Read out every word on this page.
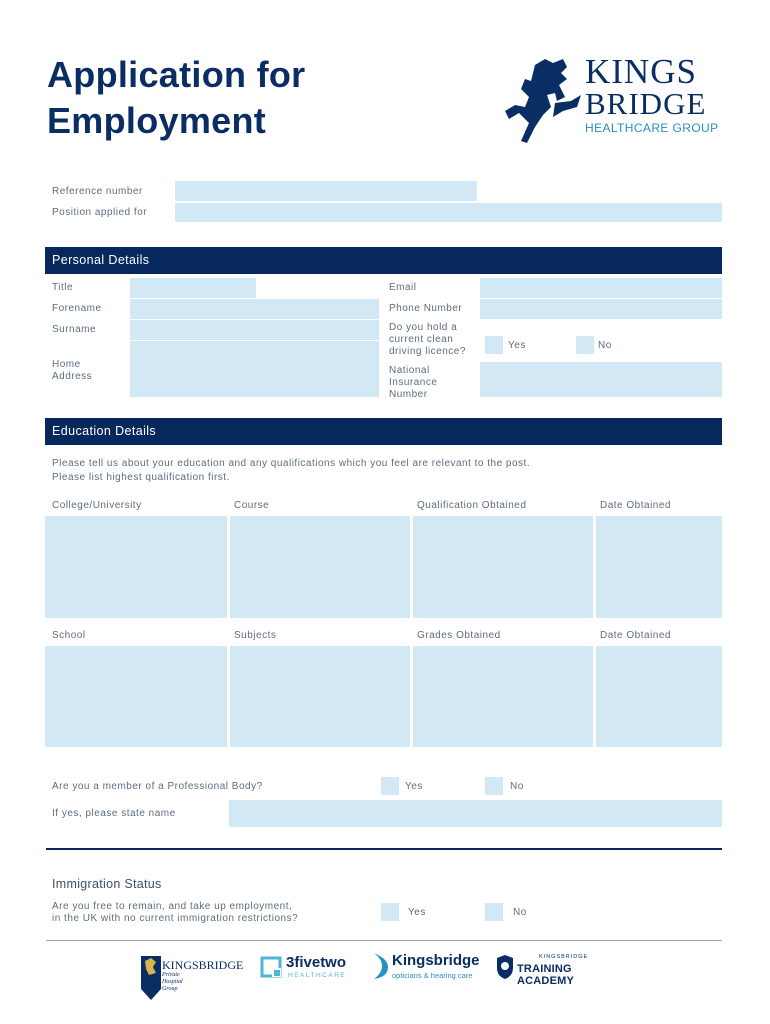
Application for
Employment
KINGS
BRIDGE
HEALTHCARE GROUP
Reference number
Position applied for
Personal Details
Title
Forename
Surname
Home
Address
Email
Phone Number
Do you hold a
current clean
driving licence?
Yes	No
National
Insurance
Number
Education Details
Please tell us about your education and any qualifications which you feel are relevant to the post.
Please list highest qualification first.
College/University	Course	Qualification Obtained	Date Obtained
School	Subjects	Grades Obtained	Date Obtained
Are you a member of a Professional Body?	Yes	No
If yes, please state name
Immigration Status
Are you free to remain, and take up employment,
in the UK with no current immigration restrictions?
Yes	No
KINGSBRIDGE
Private
Hospital
Group
3fivetwo
HEALTHCARE
Kingsbridge
opticians & hearing care
KINGSBRIDGE
TRAINING ACADEMY
